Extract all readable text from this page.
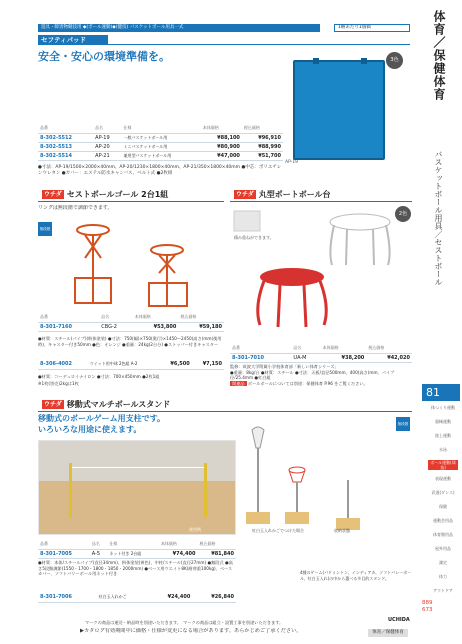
遊具・障害物競技用 ◆(ボール運動)◆(健技) パスケットボール用具一式	1梱あたり1個価
セフティパッド
安全・安心の環境準備を。	3色
AP-19
品番	品名	仕様	本体価格	税込価格
8-302-5512	AP-19	一般バスケットボール用	¥88,100	¥96,910
8-302-5513	AP-20	ミニバスケットボール用	¥80,900	¥88,990
8-302-5514	AP-21	兼用型バスケットボール用	¥47,000	¥51,700
●寸法：AP-19/1500×2000×40mm、AP-20/1230×1800×40mm、AP-21/350×1800×40mm ●中芯：ポリエチレンウレタン ●カバー：エステル防水キャンバス、ベルト式 ●2枚組
ウチダ セストボールゴール 2台1組
リングは無段階で調節できます。
無段階
品番	品名	本体価格	税込価格
8-301-7160	CBG-2	¥53,800	¥59,180
●材質：スチール(パイプ)(粉体塗装) ●寸法：750(幅)×750(奥行)×1450～2450(高さ)mm(使用時)、キャスター付き50mm ●色：オレンジ ●重量：24kg(2台分) ●ストッパー付きキャスター
8-306-4002	ウイット用中球 2色組 A-2	¥6,500	¥7,150
●材質：コーデュロイナイロン ●寸法：700×450mm ●2枚1組
※1枚(別売)2kgは1枚
ウチダ 丸型ポートボール台
2色
積み重ねができます。
品番	品名	本体価格	税込価格
8-301-7010	UA-M	¥38,200	¥42,020
監修：筑波大学附属小学校体育部「新しい体育シリーズ」
●重量：8kg/台 ●材質：スチール ●寸法：天板/直径500mm、400(高さ)mm、パイプ径/25.4mm ●紅白組
関連品 ボールボールについては別途：保健体育 P.96 をご覧ください。
ウチダ 移動式マルチボールスタンド
移動式のボールゲーム用支柱です。
いろいろな用途に使えます。
無段階
使用例	紅白玉入れかごでつけた場合	収納状態
4種のゲーム(バドミントン、インディアカ、ソフトバレーボール、紅白玉入れ)の中から選べる多目的スタンド。
品番	品名	仕様	本体価格	税込価格
8-301-7005	A-5	ネット付き 2台組	¥74,400	¥81,840
●材質：本体/スチールパイプ(直径34mm)、粉体塗装(黄色)、中柱/スチール(直径27mm) ●無段式 ●高さ5段階調節(1550・1700・1800・1850・2000mm) ●ベース用ウエイト8K(耐荷重100kg)、ベースカバー、ソフトバリーボール用ネット付き
8-301-7006	紅白玉入れかご	¥24,400	¥26,840
マークの商品は運送・納品時を別途いただきます。　マークの商品は組立・設置工事を別途いただきます。
▶カタログ有効期間中に価格・仕様が変更になる場合があります。あらかじめご了承ください。	体育／保健体育
UCHIDA
体育／保健体育
バスケットボール用具／セストボール
81
889
673
体つくり運動
器械運動
陸上運動
水泳
ボール運動(球技)
表現運動
武道(ダンス)
保健
運動会用品
体育館用品
屋外用品
測定
体力
アウトドア
